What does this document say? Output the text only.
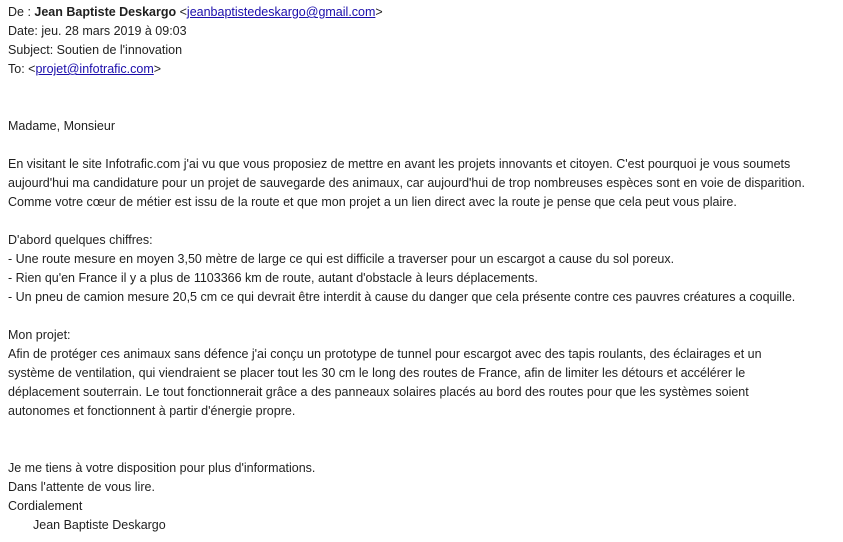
De : Jean Baptiste Deskargo <jeanbaptistedeskargo@gmail.com>
Date: jeu. 28 mars 2019 à 09:03
Subject: Soutien de l'innovation
To: <projet@infotrafic.com>
Madame, Monsieur
En visitant le site Infotrafic.com j'ai vu que vous proposiez de mettre en avant les projets innovants et citoyen. C'est pourquoi je vous soumets
aujourd'hui ma candidature pour un projet de sauvegarde des animaux, car aujourd'hui de trop nombreuses espèces sont en voie de disparition.
Comme votre cœur de métier est issu de la route et que mon projet a un lien direct avec la route je pense que cela peut vous plaire.
D'abord quelques chiffres:
- Une route mesure en moyen 3,50 mètre de large ce qui est difficile a traverser pour un escargot a cause du sol poreux.
- Rien qu'en France il y a plus de 1103366 km de route, autant d'obstacle à leurs déplacements.
- Un pneu de camion mesure 20,5 cm ce qui devrait être interdit à cause du danger que cela présente contre ces pauvres créatures a coquille.
Mon projet:
Afin de protéger ces animaux sans défence j'ai conçu un prototype de tunnel pour escargot avec des tapis roulants, des éclairages et un
système de ventilation, qui viendraient se placer tout les 30 cm le long des routes de France, afin de limiter les détours et accélérer le
déplacement souterrain. Le tout fonctionnerait grâce a des panneaux solaires placés au bord des routes pour que les systèmes soient
autonomes et fonctionnent à partir d'énergie propre.
Je me tiens à votre disposition pour plus d'informations.
Dans l'attente de vous lire.
Cordialement
Jean Baptiste Deskargo
